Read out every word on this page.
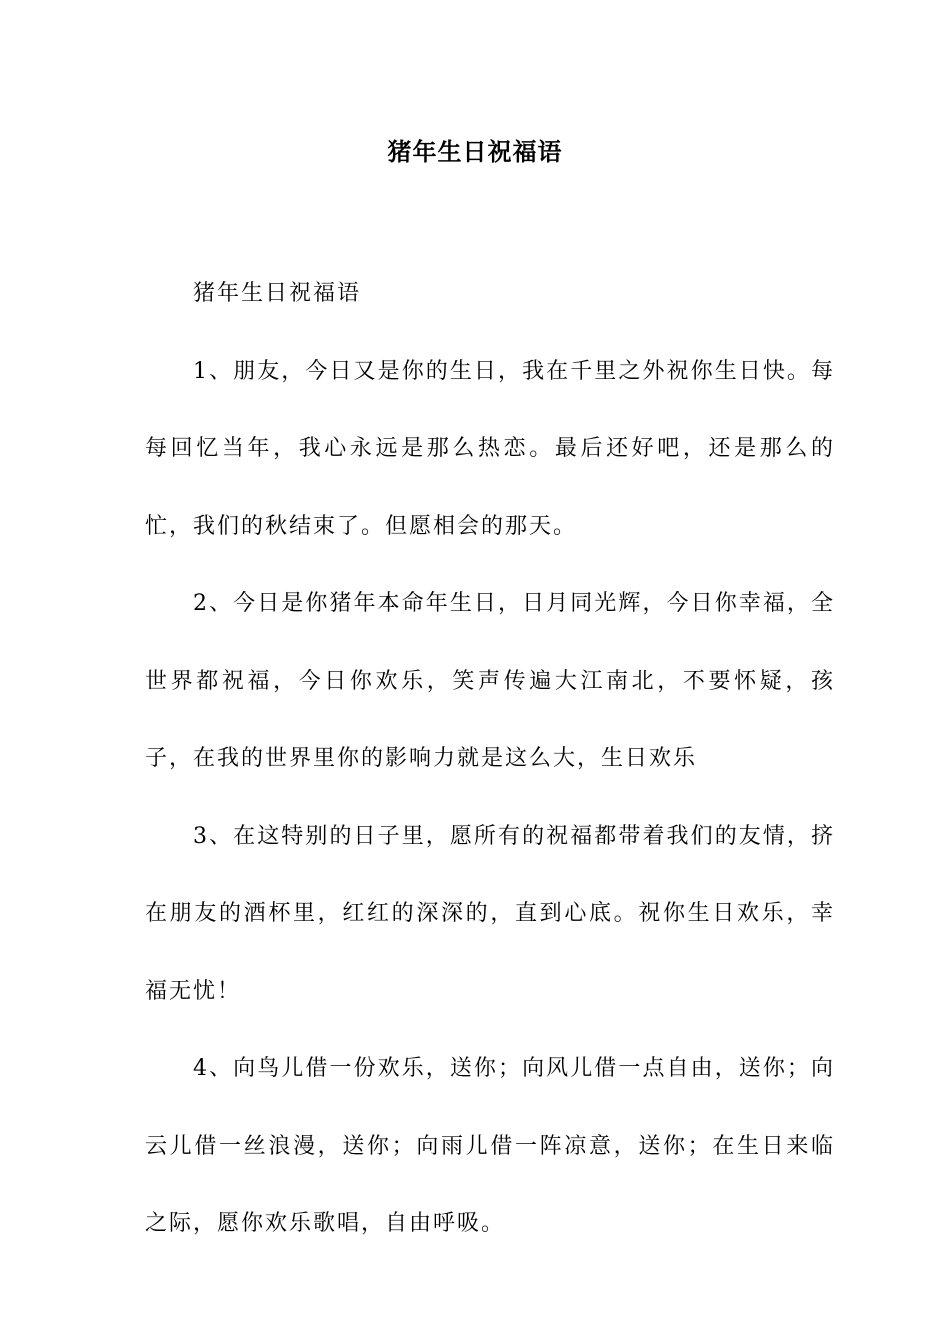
猪年生日祝福语

猪年生日祝福语

1、朋友，今日又是你的生日，我在千里之外祝你生日快。每每回忆当年，我心永远是那么热恋。最后还好吧，还是那么的忙，我们的秋结束了。但愿相会的那天。

2、今日是你猪年本命年生日，日月同光辉，今日你幸福，全世界都祝福，今日你欢乐，笑声传遍大江南北，不要怀疑，孩子，在我的世界里你的影响力就是这么大，生日欢乐

3、在这特别的日子里，愿所有的祝福都带着我们的友情，挤在朋友的酒杯里，红红的深深的，直到心底。祝你生日欢乐，幸福无忧！

4、向鸟儿借一份欢乐，送你；向风儿借一点自由，送你；向云儿借一丝浪漫，送你；向雨儿借一阵凉意，送你；在生日来临之际，愿你欢乐歌唱，自由呼吸。
